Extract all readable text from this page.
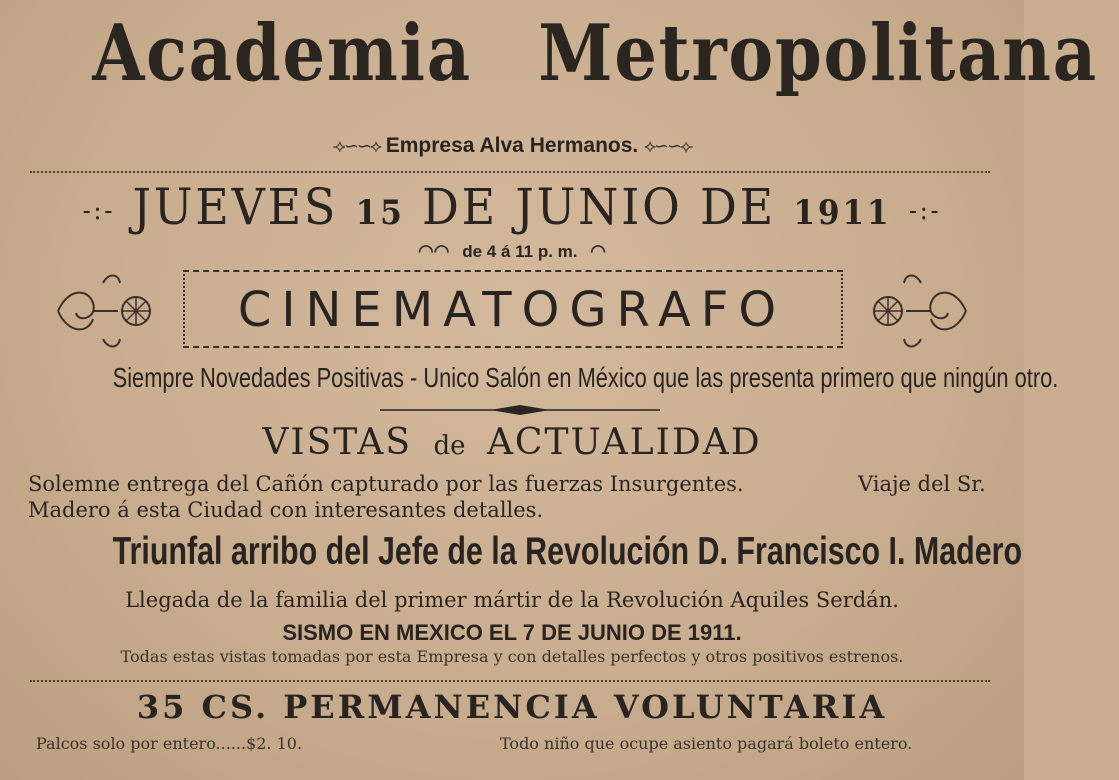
Academia Metropolitana
⟢∽∽⟡ Empresa Alva Hermanos. ⟡∽∽⟣
-:- JUEVES 15 DE JUNIO DE 1911 -:-
◠◠ de 4 á 11 p. m. ◠
CINEMATOGRAFO
Siempre Novedades Positivas - Unico Salón en México que las presenta primero que ningún otro.
VISTAS de ACTUALIDAD
Solemne entrega del Cañón capturado por las fuerzas Insurgentes.	Viaje del Sr.
Madero á esta Ciudad con interesantes detalles.
Triunfal arribo del Jefe de la Revolución D. Francisco I. Madero
Llegada de la familia del primer mártir de la Revolución Aquiles Serdán.
SISMO EN MEXICO EL 7 DE JUNIO DE 1911.
Todas estas vistas tomadas por esta Empresa y con detalles perfectos y otros positivos estrenos.
35 CS. PERMANENCIA VOLUNTARIA
Palcos solo por entero......$2. 10.	Todo niño que ocupe asiento pagará boleto entero.
